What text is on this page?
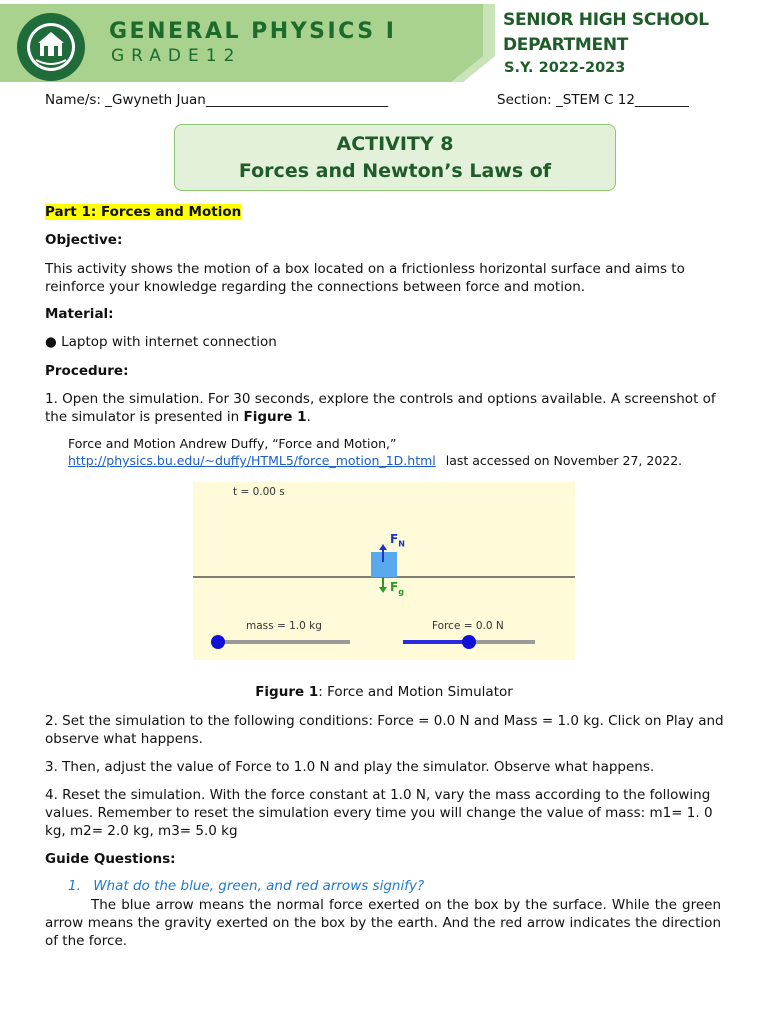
GENERAL PHYSICS I
GRADE12
SENIOR HIGH SCHOOL
DEPARTMENT
S.Y. 2022-2023
Name/s: _Gwyneth Juan___________________________	Section: _STEM C 12________
ACTIVITY 8
Forces and Newton’s Laws of
Part 1: Forces and Motion
Objective:
This activity shows the motion of a box located on a frictionless horizontal surface and aims to reinforce your knowledge regarding the connections between force and motion.
Material:
● Laptop with internet connection
Procedure:
1. Open the simulation. For 30 seconds, explore the controls and options available. A screenshot of the simulator is presented in Figure 1.
Force and Motion Andrew Duffy, “Force and Motion,”
http://physics.bu.edu/~duffy/HTML5/force_motion_1D.html last accessed on November 27, 2022.
t = 0.00 s
$F_N$
$F_g$
mass = 1.0 kg	Force = 0.0 N
Figure 1: Force and Motion Simulator
2. Set the simulation to the following conditions: Force = 0.0 N and Mass = 1.0 kg. Click on Play and observe what happens.
3. Then, adjust the value of Force to 1.0 N and play the simulator. Observe what happens.
4. Reset the simulation. With the force constant at 1.0 N, vary the mass according to the following values. Remember to reset the simulation every time you will change the value of mass: m1= 1. 0 kg, m2= 2.0 kg, m3= 5.0 kg
Guide Questions:
1. What do the blue, green, and red arrows signify?
The blue arrow means the normal force exerted on the box by the surface. While the green arrow means the gravity exerted on the box by the earth. And the red arrow indicates the direction of the force.
